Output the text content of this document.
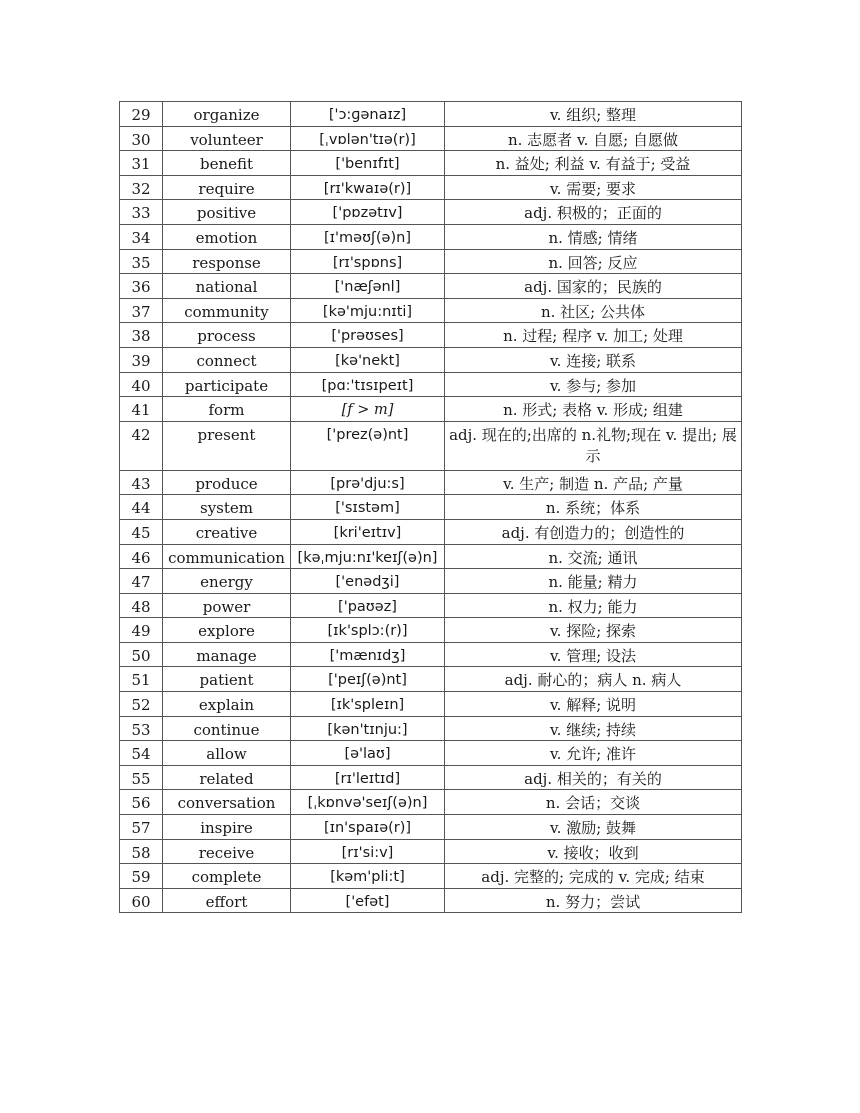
29	organize	['ɔ:ɡənaɪz]	v. 组织; 整理
30	volunteer	[ˌvɒlən'tɪə(r)]	n. 志愿者 v. 自愿; 自愿做
31	benefit	['benɪfɪt]	n. 益处; 利益 v. 有益于; 受益
32	require	[rɪ'kwaɪə(r)]	v. 需要; 要求
33	positive	['pɒzətɪv]	adj. 积极的；正面的
34	emotion	[ɪ'məʊʃ(ə)n]	n. 情感; 情绪
35	response	[rɪ'spɒns]	n. 回答; 反应
36	national	['næʃənl]	adj. 国家的；民族的
37	community	[kə'mju:nɪti]	n. 社区; 公共体
38	process	['prəʊses]	n. 过程; 程序 v. 加工; 处理
39	connect	[kə'nekt]	v. 连接; 联系
40	participate	[pɑ:'tɪsɪpeɪt]	v. 参与; 参加
41	form	[f > m]	n. 形式; 表格 v. 形成; 组建
42	present	['prez(ə)nt]	adj. 现在的;出席的 n.礼物;现在 v. 提出; 展示
43	produce	[prə'dju:s]	v. 生产; 制造 n. 产品; 产量
44	system	['sɪstəm]	n. 系统；体系
45	creative	[kri'eɪtɪv]	adj. 有创造力的；创造性的
46	communication	[kəˌmju:nɪ'keɪʃ(ə)n]	n. 交流; 通讯
47	energy	['enədʒi]	n. 能量; 精力
48	power	['paʊəz]	n. 权力; 能力
49	explore	[ɪk'splɔ:(r)]	v. 探险; 探索
50	manage	['mænɪdʒ]	v. 管理; 设法
51	patient	['peɪʃ(ə)nt]	adj. 耐心的；病人 n. 病人
52	explain	[ɪk'spleɪn]	v. 解释; 说明
53	continue	[kən'tɪnju:]	v. 继续; 持续
54	allow	[ə'laʊ]	v. 允许; 准许
55	related	[rɪ'leɪtɪd]	adj. 相关的；有关的
56	conversation	[ˌkɒnvə'seɪʃ(ə)n]	n. 会话；交谈
57	inspire	[ɪn'spaɪə(r)]	v. 激励; 鼓舞
58	receive	[rɪ'si:v]	v. 接收；收到
59	complete	[kəm'pli:t]	adj. 完整的; 完成的 v. 完成; 结束
60	effort	['efət]	n. 努力；尝试
